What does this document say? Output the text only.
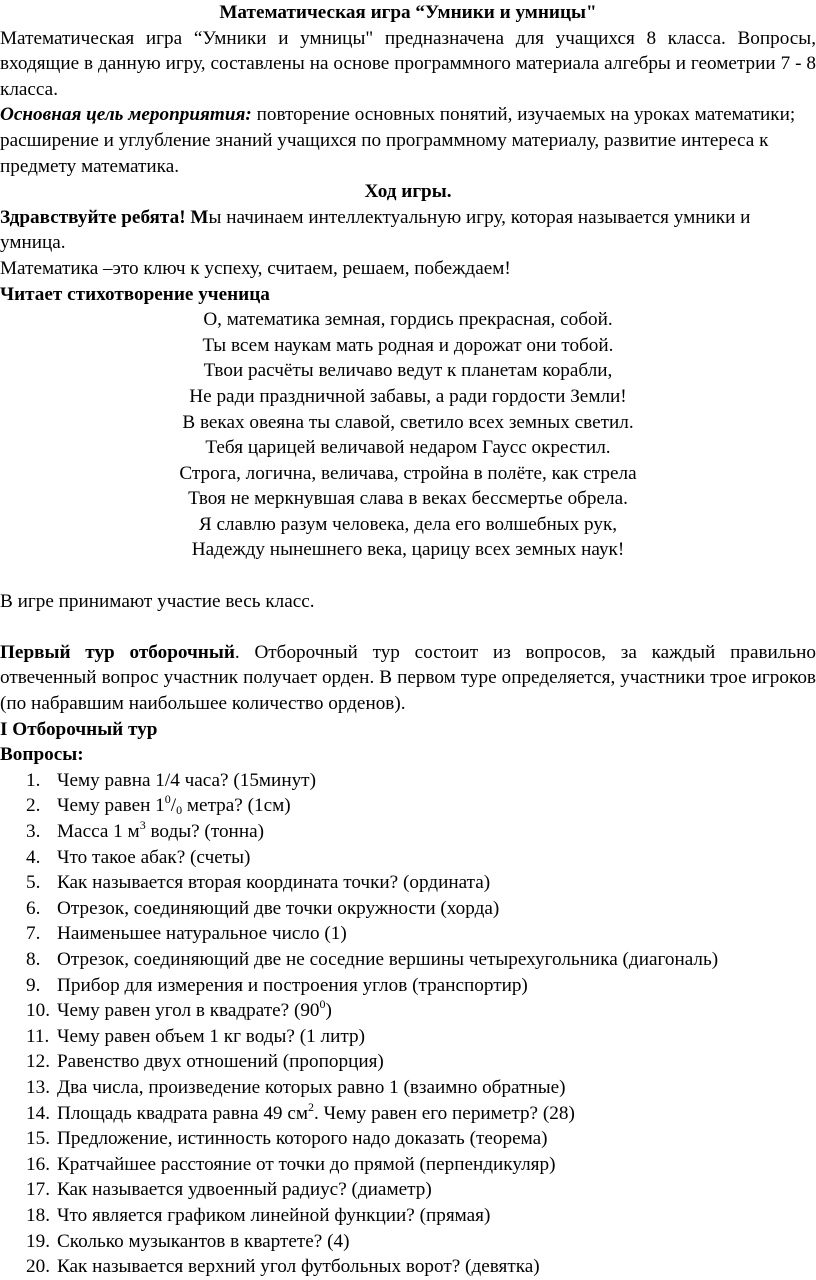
Математическая игра “Умники и умницы"

Математическая игра “Умники и умницы" предназначена для учащихся 8 класса. Вопросы, входящие в данную игру, составлены на основе программного материала алгебры и геометрии 7 - 8 класса.

Основная цель мероприятия: повторение основных понятий, изучаемых на уроках математики; расширение и углубление знаний учащихся по программному материалу, развитие интереса к предмету математика.

Ход игры.

Здравствуйте ребята! Мы начинаем интеллектуальную игру, которая называется умники и умница.

Математика –это ключ к успеху, считаем, решаем, побеждаем!

Читает стихотворение ученица

О, математика земная, гордись прекрасная, собой.
Ты всем наукам мать родная и дорожат они тобой.
Твои расчёты величаво ведут к планетам корабли,
Не ради праздничной забавы, а ради гордости Земли!
В веках овеяна ты славой, светило всех земных светил.
Тебя царицей величавой недаром Гаусс окрестил.
Строга, логична, величава, стройна в полёте, как стрела
Твоя не меркнувшая слава в веках бессмертье обрела.
Я славлю разум человека, дела его волшебных рук,
Надежду нынешнего века, царицу всех земных наук!

В игре принимают участие весь класс.

Первый тур отборочный. Отборочный тур состоит из вопросов, за каждый правильно отвеченный вопрос участник получает орден. В первом туре определяется, участники трое игроков (по набравшим наибольшее количество орденов).

I Отборочный тур

Вопросы:

1. Чему равна 1/4 часа? (15минут)
2. Чему равен $1^0/_0$ метра? (1см)
3. Масса 1 $м^3$ воды? (тонна)
4. Что такое абак? (счеты)
5. Как называется вторая координата точки? (ордината)
6. Отрезок, соединяющий две точки окружности (хорда)
7. Наименьшее натуральное число (1)
8. Отрезок, соединяющий две не соседние вершины четырехугольника (диагональ)
9. Прибор для измерения и построения углов (транспортир)
10. Чему равен угол в квадрате? $(90^0)$
11. Чему равен объем 1 кг воды? (1 литр)
12. Равенство двух отношений (пропорция)
13. Два числа, произведение которых равно 1 (взаимно обратные)
14. Площадь квадрата равна 49 $см^2$. Чему равен его периметр? (28)
15. Предложение, истинность которого надо доказать (теорема)
16. Кратчайшее расстояние от точки до прямой (перпендикуляр)
17. Как называется удвоенный радиус? (диаметр)
18. Что является графиком линейной функции? (прямая)
19. Сколько музыкантов в квартете? (4)
20. Как называется верхний угол футбольных ворот? (девятка)
